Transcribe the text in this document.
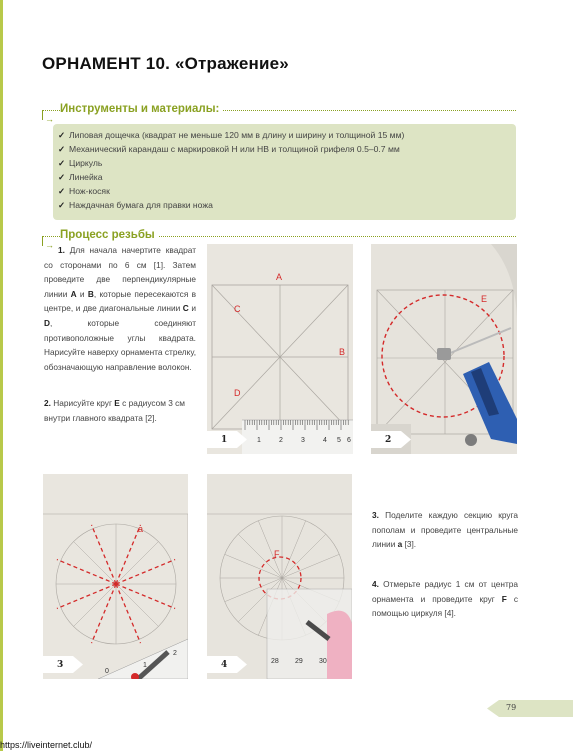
ОРНАМЕНТ 10. «Отражение»
Инструменты и материалы:
→
✓ Липовая дощечка (квадрат не меньше 120 мм в длину и ширину и толщиной 15 мм)
✓ Механический карандаш с маркировкой H или HB и толщиной грифеля 0.5–0.7 мм
✓ Циркуль
✓ Линейка
✓ Нож-косяк
✓ Наждачная бумага для правки ножа
Процесс резьбы
→ 1. Для начала начертите квадрат со сторонами по 6 см [1]. Затем проведите две перпендикулярные линии A и B, которые пересекаются в центре, и две диагональные линии C и D, которые соединяют противоположные углы квадрата. Нарисуйте наверху орнамента стрелку, обозначающую направление волокон.
2. Нарисуйте круг E с радиусом 3 см внутри главного квадрата [2].
A
B
C
D
1	2	3	4 5 6
1
E
2
a
2
1
0
3
F
30
29
28
4
3. Поделите каждую секцию круга пополам и проведите центральные линии a [3].
4. Отмерьте радиус 1 см от центра орнамента и проведите круг F с помощью циркуля [4].
79
https://liveinternet.club/
